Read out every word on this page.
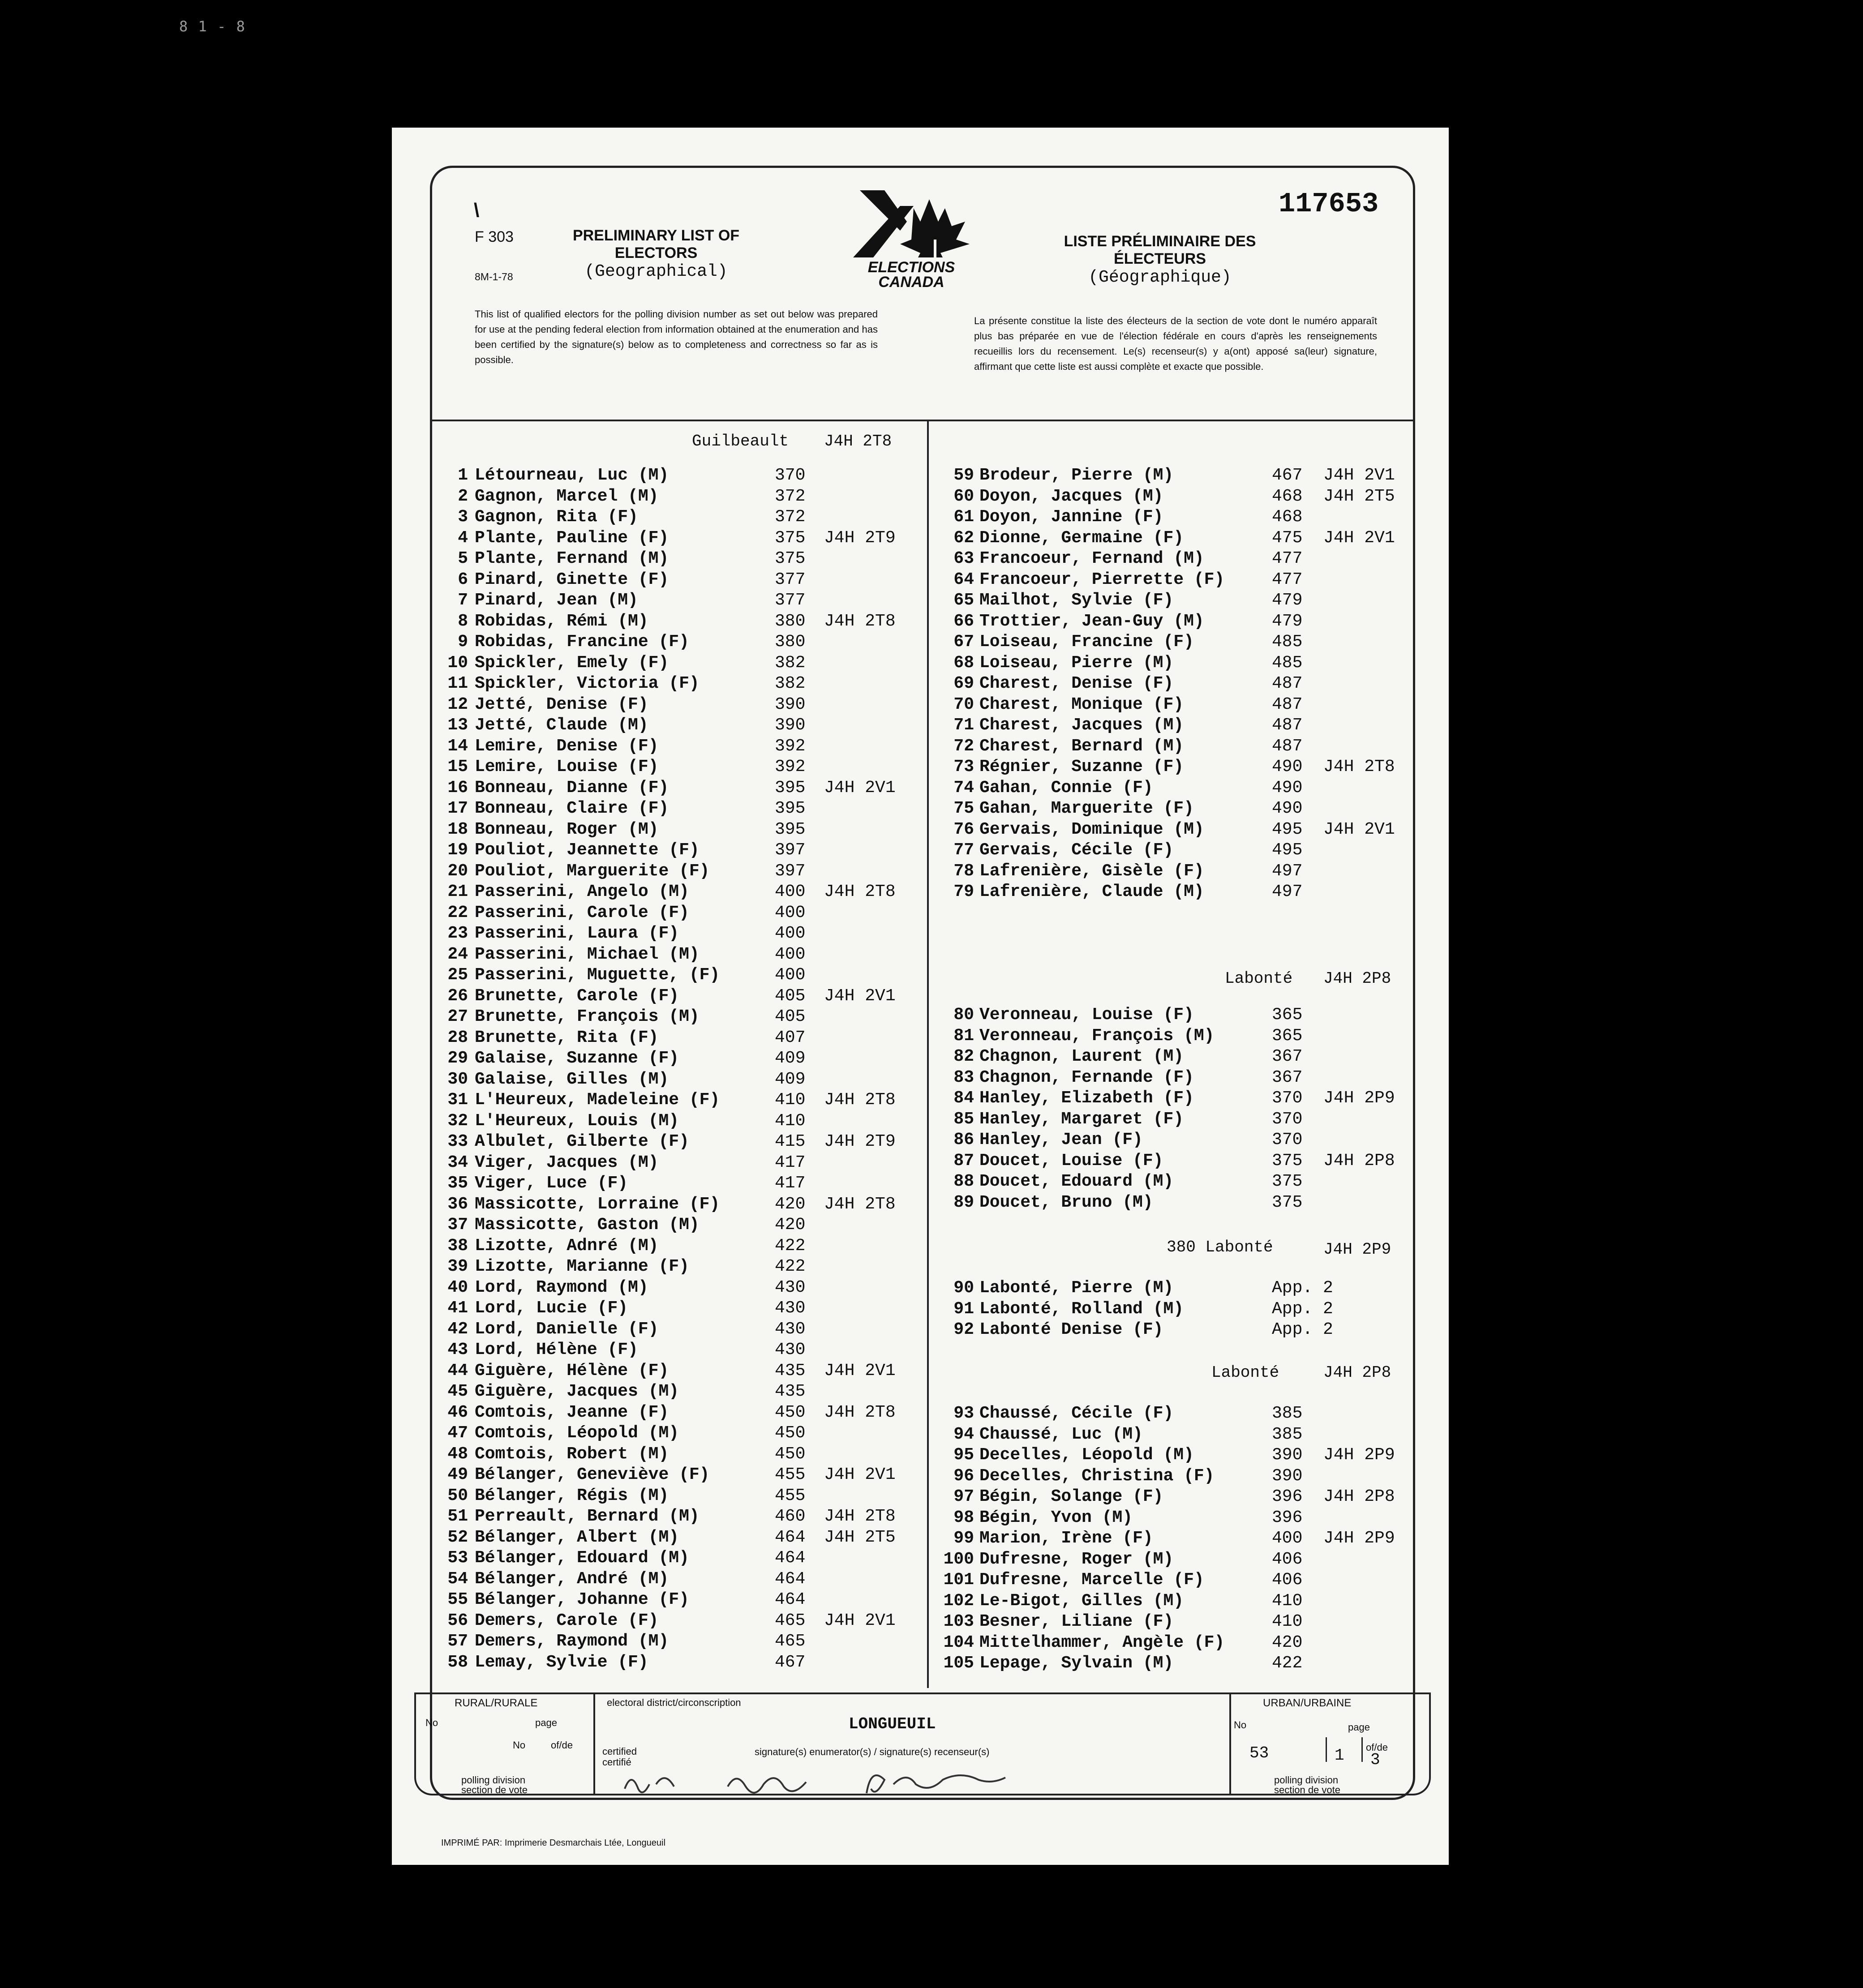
8 1 - 8
117653
\
F 303
8M-1-78
PRELIMINARY LIST OF
ELECTORS
(Geographical)	ELECTIONS
CANADA
LISTE PRÉLIMINAIRE DES
ÉLECTEURS
(Géographique)
This list of qualified electors for the polling division number as set out below was prepared for use at the pending federal election from information obtained at the enumeration and has been certified by the signature(s) below as to completeness and correctness so far as is possible.
La présente constitue la liste des électeurs de la section de vote dont le numéro apparaît plus bas préparée en vue de l'élection fédérale en cours d'après les renseignements recueillis lors du recensement. Le(s) recenseur(s) y a(ont) apposé sa(leur) signature, affirmant que cette liste est aussi complète et exacte que possible.
Guilbeault J4H 2T8
1 Létourneau, Luc (M)	370
2 Gagnon, Marcel (M)	372
3 Gagnon, Rita (F)	372
4 Plante, Pauline (F)	375 J4H 2T9
5 Plante, Fernand (M)	375
6 Pinard, Ginette (F)	377
7 Pinard, Jean (M)	377
8 Robidas, Rémi (M)	380 J4H 2T8
9 Robidas, Francine (F)	380
10 Spickler, Emely (F)	382
11 Spickler, Victoria (F)	382
12 Jetté, Denise (F)	390
13 Jetté, Claude (M)	390
14 Lemire, Denise (F)	392
15 Lemire, Louise (F)	392
16 Bonneau, Dianne (F)	395 J4H 2V1
17 Bonneau, Claire (F)	395
18 Bonneau, Roger (M)	395
19 Pouliot, Jeannette (F)	397
20 Pouliot, Marguerite (F)	397
21 Passerini, Angelo (M)	400 J4H 2T8
22 Passerini, Carole (F)	400
23 Passerini, Laura (F)	400
24 Passerini, Michael (M)	400
25 Passerini, Muguette, (F)	400
26 Brunette, Carole (F)	405 J4H 2V1
27 Brunette, François (M)	405
28 Brunette, Rita (F)	407
29 Galaise, Suzanne (F)	409
30 Galaise, Gilles (M)	409
31 L'Heureux, Madeleine (F)	410 J4H 2T8
32 L'Heureux, Louis (M)	410
33 Albulet, Gilberte (F)	415 J4H 2T9
34 Viger, Jacques (M)	417
35 Viger, Luce (F)	417
36 Massicotte, Lorraine (F)	420 J4H 2T8
37 Massicotte, Gaston (M)	420
38 Lizotte, Adnré (M)	422
39 Lizotte, Marianne (F)	422
40 Lord, Raymond (M)	430
41 Lord, Lucie (F)	430
42 Lord, Danielle (F)	430
43 Lord, Hélène (F)	430
44 Giguère, Hélène (F)	435 J4H 2V1
45 Giguère, Jacques (M)	435
46 Comtois, Jeanne (F)	450 J4H 2T8
47 Comtois, Léopold (M)	450
48 Comtois, Robert (M)	450
49 Bélanger, Geneviève (F)	455 J4H 2V1
50 Bélanger, Régis (M)	455
51 Perreault, Bernard (M)	460 J4H 2T8
52 Bélanger, Albert (M)	464 J4H 2T5
53 Bélanger, Edouard (M)	464
54 Bélanger, André (M)	464
55 Bélanger, Johanne (F)	464
56 Demers, Carole (F)	465 J4H 2V1
57 Demers, Raymond (M)	465
58 Lemay, Sylvie (F)	467
59 Brodeur, Pierre (M)	467 J4H 2V1
60 Doyon, Jacques (M)	468 J4H 2T5
61 Doyon, Jannine (F)	468
62 Dionne, Germaine (F)	475 J4H 2V1
63 Francoeur, Fernand (M)	477
64 Francoeur, Pierrette (F)	477
65 Mailhot, Sylvie (F)	479
66 Trottier, Jean-Guy (M)	479
67 Loiseau, Francine (F)	485
68 Loiseau, Pierre (M)	485
69 Charest, Denise (F)	487
70 Charest, Monique (F)	487
71 Charest, Jacques (M)	487
72 Charest, Bernard (M)	487
73 Régnier, Suzanne (F)	490 J4H 2T8
74 Gahan, Connie (F)	490
75 Gahan, Marguerite (F)	490
76 Gervais, Dominique (M)	495 J4H 2V1
77 Gervais, Cécile (F)	495
78 Lafrenière, Gisèle (F)	497
79 Lafrenière, Claude (M)	497
80 Veronneau, Louise (F)	365
81 Veronneau, François (M)	365
82 Chagnon, Laurent (M)	367
83 Chagnon, Fernande (F)	367
84 Hanley, Elizabeth (F)	370 J4H 2P9
85 Hanley, Margaret (F)	370
86 Hanley, Jean (F)	370
87 Doucet, Louise (F)	375 J4H 2P8
88 Doucet, Edouard (M)	375
89 Doucet, Bruno (M)	375
90 Labonté, Pierre (M)	App. 2
91 Labonté, Rolland (M)	App. 2
92 Labonté Denise (F)	App. 2
93 Chaussé, Cécile (F)	385
94 Chaussé, Luc (M)	385
95 Decelles, Léopold (M)	390 J4H 2P9
96 Decelles, Christina (F)	390
97 Bégin, Solange (F)	396 J4H 2P8
98 Bégin, Yvon (M)	396
99 Marion, Irène (F)	400 J4H 2P9
100 Dufresne, Roger (M)	406
101 Dufresne, Marcelle (F)	406
102 Le-Bigot, Gilles (M)	410
103 Besner, Liliane (F)	410
104 Mittelhammer, Angèle (F)	420
105 Lepage, Sylvain (M)	422
Labonté J4H 2P8
380 Labonté	J4H 2P9
Labonté	J4H 2P8
RURAL/RURALE
No	page
No	of/de
polling division
section de vote
electoral district/circonscription
LONGUEUIL
certified
certifié
signature(s) enumerator(s) / signature(s) recenseur(s)
URBAN/URBAINE
No	page
of/de
53	1 3
polling division
section de vote
IMPRIMÉ PAR: Imprimerie Desmarchais Ltée, Longueuil
